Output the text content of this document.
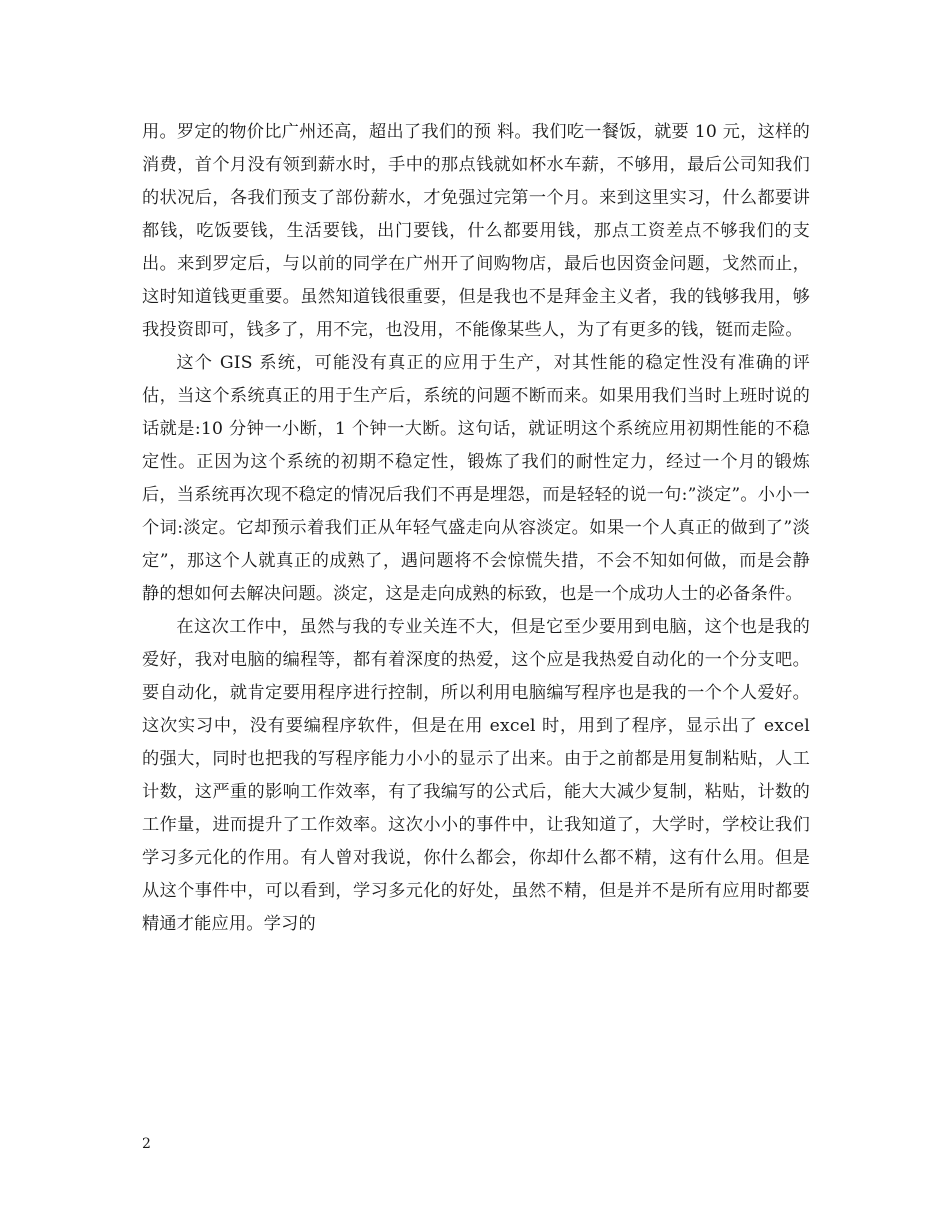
用。罗定的物价比广州还高，超出了我们的预 料。我们吃一餐饭，就要 10 元，这样的消费，首个月没有领到薪水时，手中的那点钱就如杯水车薪，不够用，最后公司知我们的状况后，各我们预支了部份薪水，才免强过完第一个月。来到这里实习，什么都要讲都钱，吃饭要钱，生活要钱，出门要钱，什么都要用钱，那点工资差点不够我们的支出。来到罗定后，与以前的同学在广州开了间购物店，最后也因资金问题，戈然而止，这时知道钱更重要。虽然知道钱很重要，但是我也不是拜金主义者，我的钱够我用，够我投资即可，钱多了，用不完，也没用，不能像某些人，为了有更多的钱，铤而走险。

这个 GIS 系统，可能没有真正的应用于生产，对其性能的稳定性没有准确的评估，当这个系统真正的用于生产后，系统的问题不断而来。如果用我们当时上班时说的话就是:10 分钟一小断，1 个钟一大断。这句话，就证明这个系统应用初期性能的不稳定性。正因为这个系统的初期不稳定性，锻炼了我们的耐性定力，经过一个月的锻炼后，当系统再次现不稳定的情况后我们不再是埋怨，而是轻轻的说一句:”淡定”。小小一个词:淡定。它却预示着我们正从年轻气盛走向从容淡定。如果一个人真正的做到了”淡定”，那这个人就真正的成熟了，遇问题将不会惊慌失措，不会不知如何做，而是会静静的想如何去解决问题。淡定，这是走向成熟的标致，也是一个成功人士的必备条件。

在这次工作中，虽然与我的专业关连不大，但是它至少要用到电脑，这个也是我的爱好，我对电脑的编程等，都有着深度的热爱，这个应是我热爱自动化的一个分支吧。要自动化，就肯定要用程序进行控制，所以利用电脑编写程序也是我的一个个人爱好。这次实习中，没有要编程序软件，但是在用 excel 时，用到了程序，显示出了 excel 的强大，同时也把我的写程序能力小小的显示了出来。由于之前都是用复制粘贴，人工计数，这严重的影响工作效率，有了我编写的公式后，能大大减少复制，粘贴，计数的工作量，进而提升了工作效率。这次小小的事件中，让我知道了，大学时，学校让我们学习多元化的作用。有人曾对我说，你什么都会，你却什么都不精，这有什么用。但是从这个事件中，可以看到，学习多元化的好处，虽然不精，但是并不是所有应用时都要精通才能应用。学习的

2
